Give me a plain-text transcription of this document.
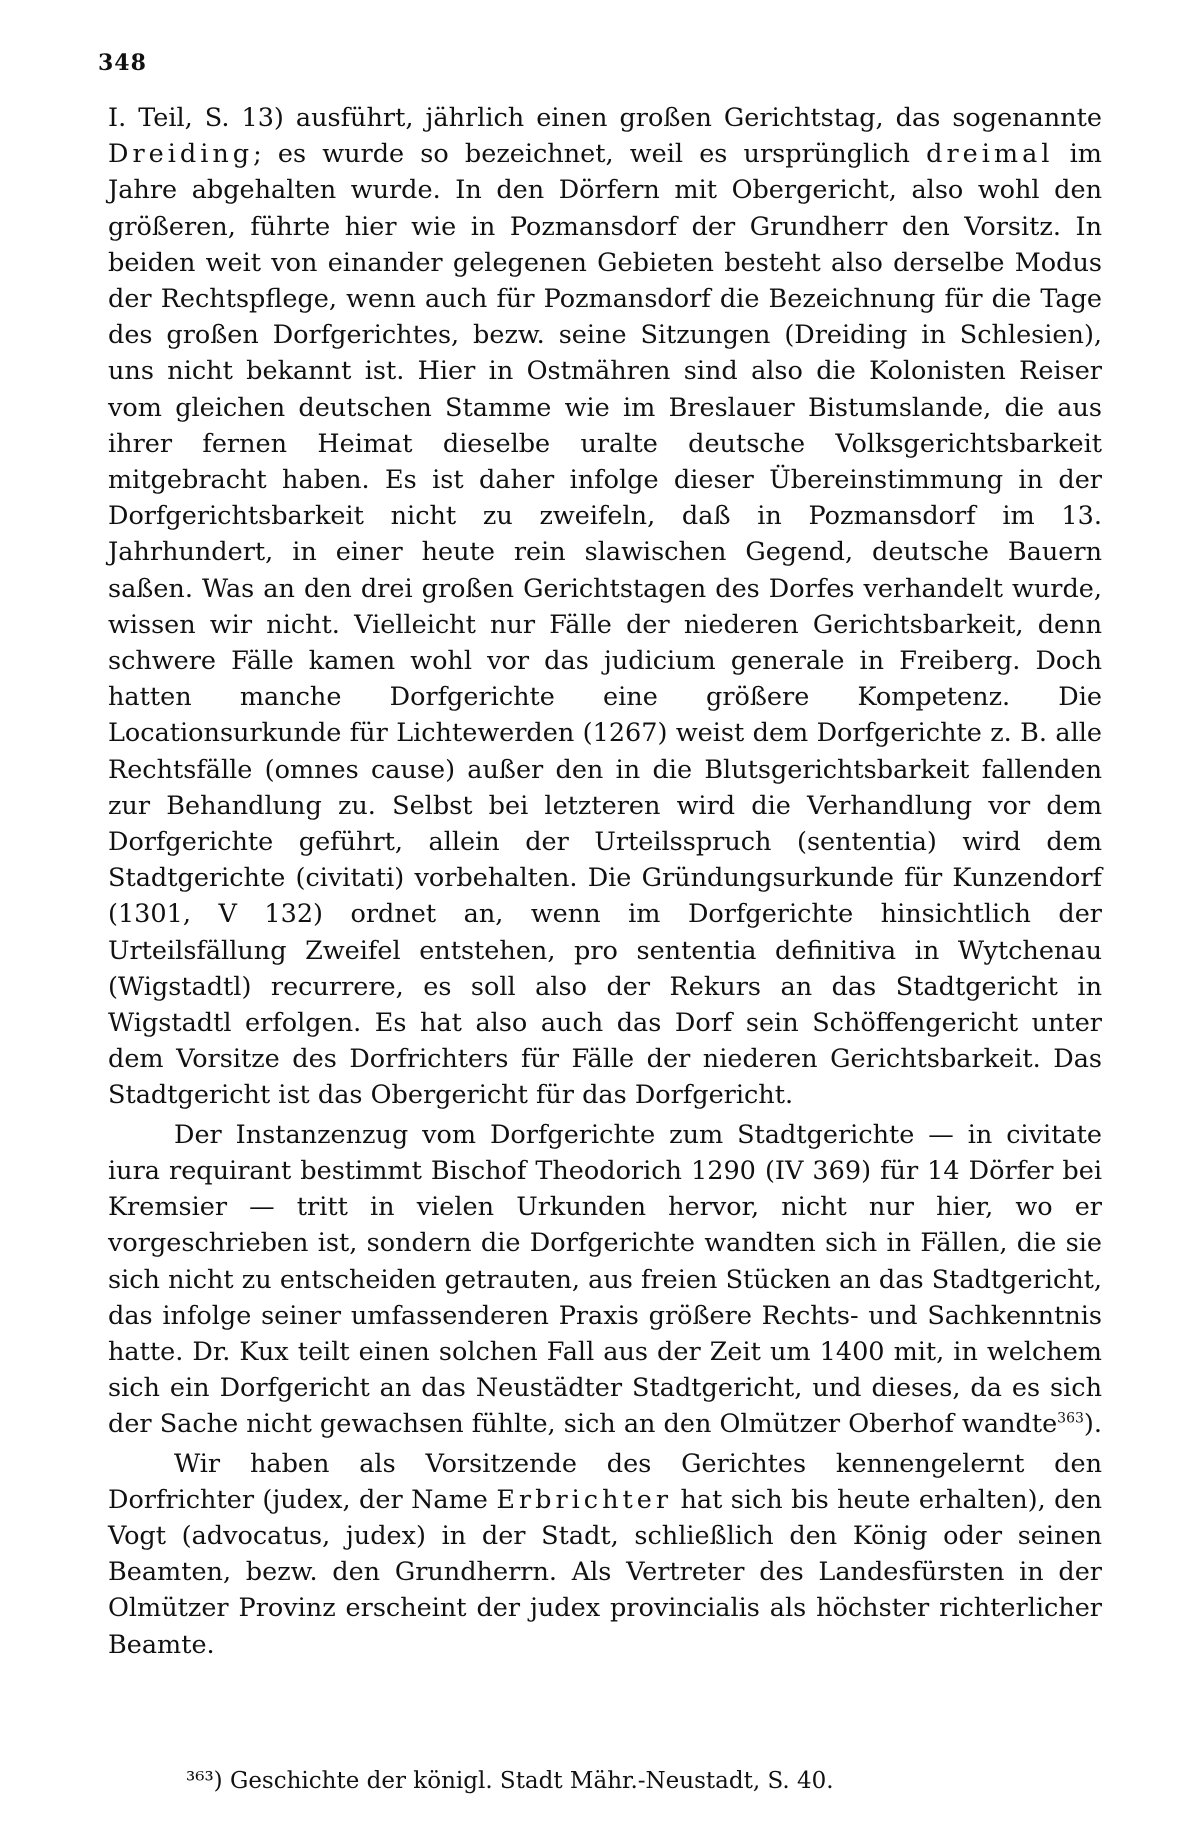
348

I. Teil, S. 13) ausführt, jährlich einen großen Gerichtstag, das sogenannte Dreiding; es wurde so bezeichnet, weil es ursprünglich dreimal im Jahre abgehalten wurde. In den Dörfern mit Obergericht, also wohl den größeren, führte hier wie in Pozmansdorf der Grundherr den Vorsitz. In beiden weit von einander gelegenen Gebieten besteht also derselbe Modus der Rechtspflege, wenn auch für Pozmansdorf die Bezeichnung für die Tage des großen Dorfgerichtes, bezw. seine Sitzungen (Dreiding in Schlesien), uns nicht bekannt ist. Hier in Ostmähren sind also die Kolonisten Reiser vom gleichen deutschen Stamme wie im Breslauer Bistumslande, die aus ihrer fernen Heimat dieselbe uralte deutsche Volksgerichtsbarkeit mitgebracht haben. Es ist daher infolge dieser Übereinstimmung in der Dorfgerichtsbarkeit nicht zu zweifeln, daß in Pozmansdorf im 13. Jahrhundert, in einer heute rein slawischen Gegend, deutsche Bauern saßen. Was an den drei großen Gerichtstagen des Dorfes verhandelt wurde, wissen wir nicht. Vielleicht nur Fälle der niederen Gerichtsbarkeit, denn schwere Fälle kamen wohl vor das judicium generale in Freiberg. Doch hatten manche Dorfgerichte eine größere Kompetenz. Die Locationsurkunde für Lichtewerden (1267) weist dem Dorfgerichte z. B. alle Rechtsfälle (omnes cause) außer den in die Blutsgerichtsbarkeit fallenden zur Behandlung zu. Selbst bei letzteren wird die Verhandlung vor dem Dorfgerichte geführt, allein der Urteilsspruch (sententia) wird dem Stadtgerichte (civitati) vorbehalten. Die Gründungsurkunde für Kunzendorf (1301, V 132) ordnet an, wenn im Dorfgerichte hinsichtlich der Urteilsfällung Zweifel entstehen, pro sententia definitiva in Wytchenau (Wigstadtl) recurrere, es soll also der Rekurs an das Stadtgericht in Wigstadtl erfolgen. Es hat also auch das Dorf sein Schöffengericht unter dem Vorsitze des Dorfrichters für Fälle der niederen Gerichtsbarkeit. Das Stadtgericht ist das Obergericht für das Dorfgericht.

Der Instanzenzug vom Dorfgerichte zum Stadtgerichte — in civitate iura requirant bestimmt Bischof Theodorich 1290 (IV 369) für 14 Dörfer bei Kremsier — tritt in vielen Urkunden hervor, nicht nur hier, wo er vorgeschrieben ist, sondern die Dorfgerichte wandten sich in Fällen, die sie sich nicht zu entscheiden getrauten, aus freien Stücken an das Stadtgericht, das infolge seiner umfassenderen Praxis größere Rechts- und Sachkenntnis hatte. Dr. Kux teilt einen solchen Fall aus der Zeit um 1400 mit, in welchem sich ein Dorfgericht an das Neustädter Stadtgericht, und dieses, da es sich der Sache nicht gewachsen fühlte, sich an den Olmützer Oberhof wandte$^{363}$).

Wir haben als Vorsitzende des Gerichtes kennengelernt den Dorfrichter (judex, der Name Erbrichter hat sich bis heute erhalten), den Vogt (advocatus, judex) in der Stadt, schließlich den König oder seinen Beamten, bezw. den Grundherrn. Als Vertreter des Landesfürsten in der Olmützer Provinz erscheint der judex provincialis als höchster richterlicher Beamte.

³⁶³) Geschichte der königl. Stadt Mähr.-Neustadt, S. 40.
